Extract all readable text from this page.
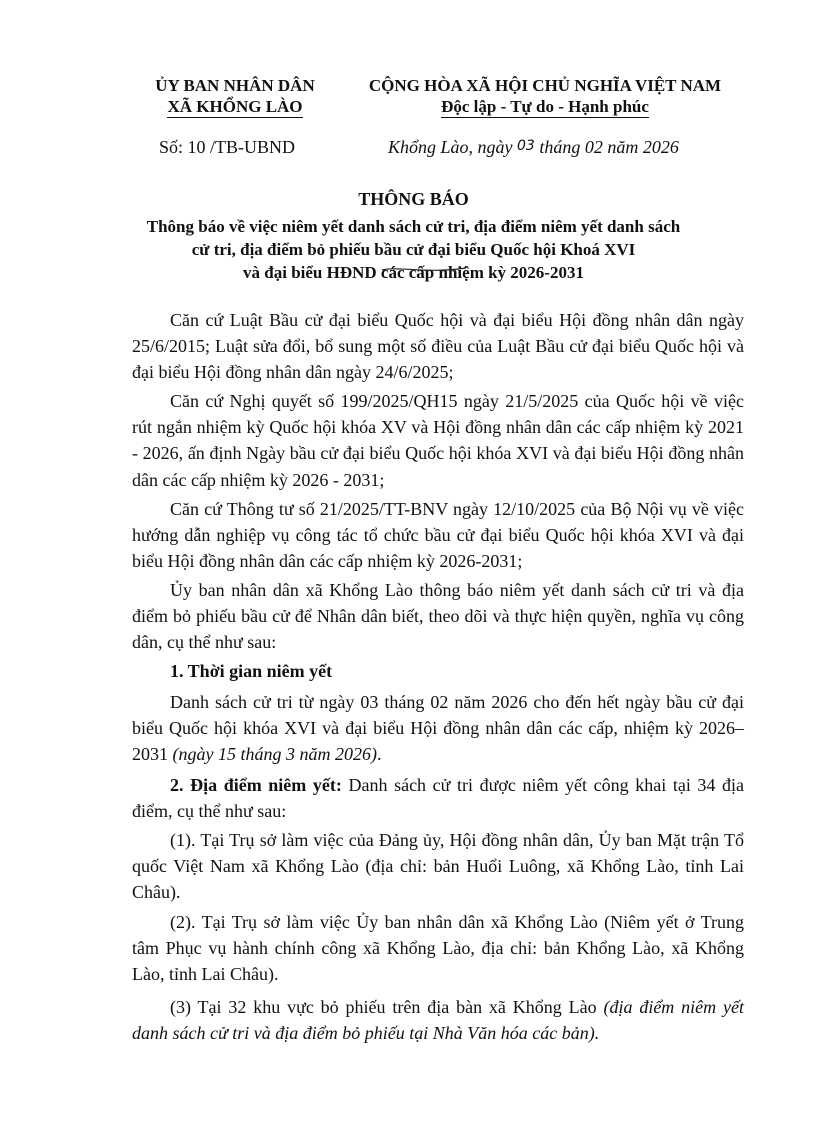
ỦY BAN NHÂN DÂN
XÃ KHỔNG LÀO
CỘNG HÒA XÃ HỘI CHỦ NGHĨA VIỆT NAM
Độc lập - Tự do - Hạnh phúc
Số: 10 /TB-UBND	Khổng Lào, ngày 03 tháng 02 năm 2026
THÔNG BÁO
Thông báo về việc niêm yết danh sách cử tri, địa điểm niêm yết danh sách
cử tri, địa điểm bỏ phiếu bầu cử đại biểu Quốc hội Khoá XVI
và đại biểu HĐND các cấp nhiệm kỳ 2026-2031
Căn cứ Luật Bầu cử đại biểu Quốc hội và đại biểu Hội đồng nhân dân ngày 25/6/2015; Luật sửa đổi, bổ sung một số điều của Luật Bầu cử đại biểu Quốc hội và đại biểu Hội đồng nhân dân ngày 24/6/2025;
Căn cứ Nghị quyết số 199/2025/QH15 ngày 21/5/2025 của Quốc hội về việc rút ngắn nhiệm kỳ Quốc hội khóa XV và Hội đồng nhân dân các cấp nhiệm kỳ 2021 - 2026, ấn định Ngày bầu cử đại biểu Quốc hội khóa XVI và đại biểu Hội đồng nhân dân các cấp nhiệm kỳ 2026 - 2031;
Căn cứ Thông tư số 21/2025/TT-BNV ngày 12/10/2025 của Bộ Nội vụ về việc hướng dẫn nghiệp vụ công tác tổ chức bầu cử đại biểu Quốc hội khóa XVI và đại biểu Hội đồng nhân dân các cấp nhiệm kỳ 2026-2031;
Ủy ban nhân dân xã Khổng Lào thông báo niêm yết danh sách cử tri và địa điểm bỏ phiếu bầu cử để Nhân dân biết, theo dõi và thực hiện quyền, nghĩa vụ công dân, cụ thể như sau:
1. Thời gian niêm yết
Danh sách cử tri từ ngày 03 tháng 02 năm 2026 cho đến hết ngày bầu cử đại biểu Quốc hội khóa XVI và đại biểu Hội đồng nhân dân các cấp, nhiệm kỳ 2026–2031 (ngày 15 tháng 3 năm 2026).
2. Địa điểm niêm yết: Danh sách cử tri được niêm yết công khai tại 34 địa điểm, cụ thể như sau:
(1). Tại Trụ sở làm việc của Đảng ủy, Hội đồng nhân dân, Ủy ban Mặt trận Tổ quốc Việt Nam xã Khổng Lào (địa chỉ: bản Huổi Luông, xã Khổng Lào, tỉnh Lai Châu).
(2). Tại Trụ sở làm việc Ủy ban nhân dân xã Khổng Lào (Niêm yết ở Trung tâm Phục vụ hành chính công xã Khổng Lào, địa chỉ: bản Khổng Lào, xã Khổng Lào, tỉnh Lai Châu).
(3) Tại 32 khu vực bỏ phiếu trên địa bàn xã Khổng Lào (địa điểm niêm yết danh sách cử tri và địa điểm bỏ phiếu tại Nhà Văn hóa các bản).
